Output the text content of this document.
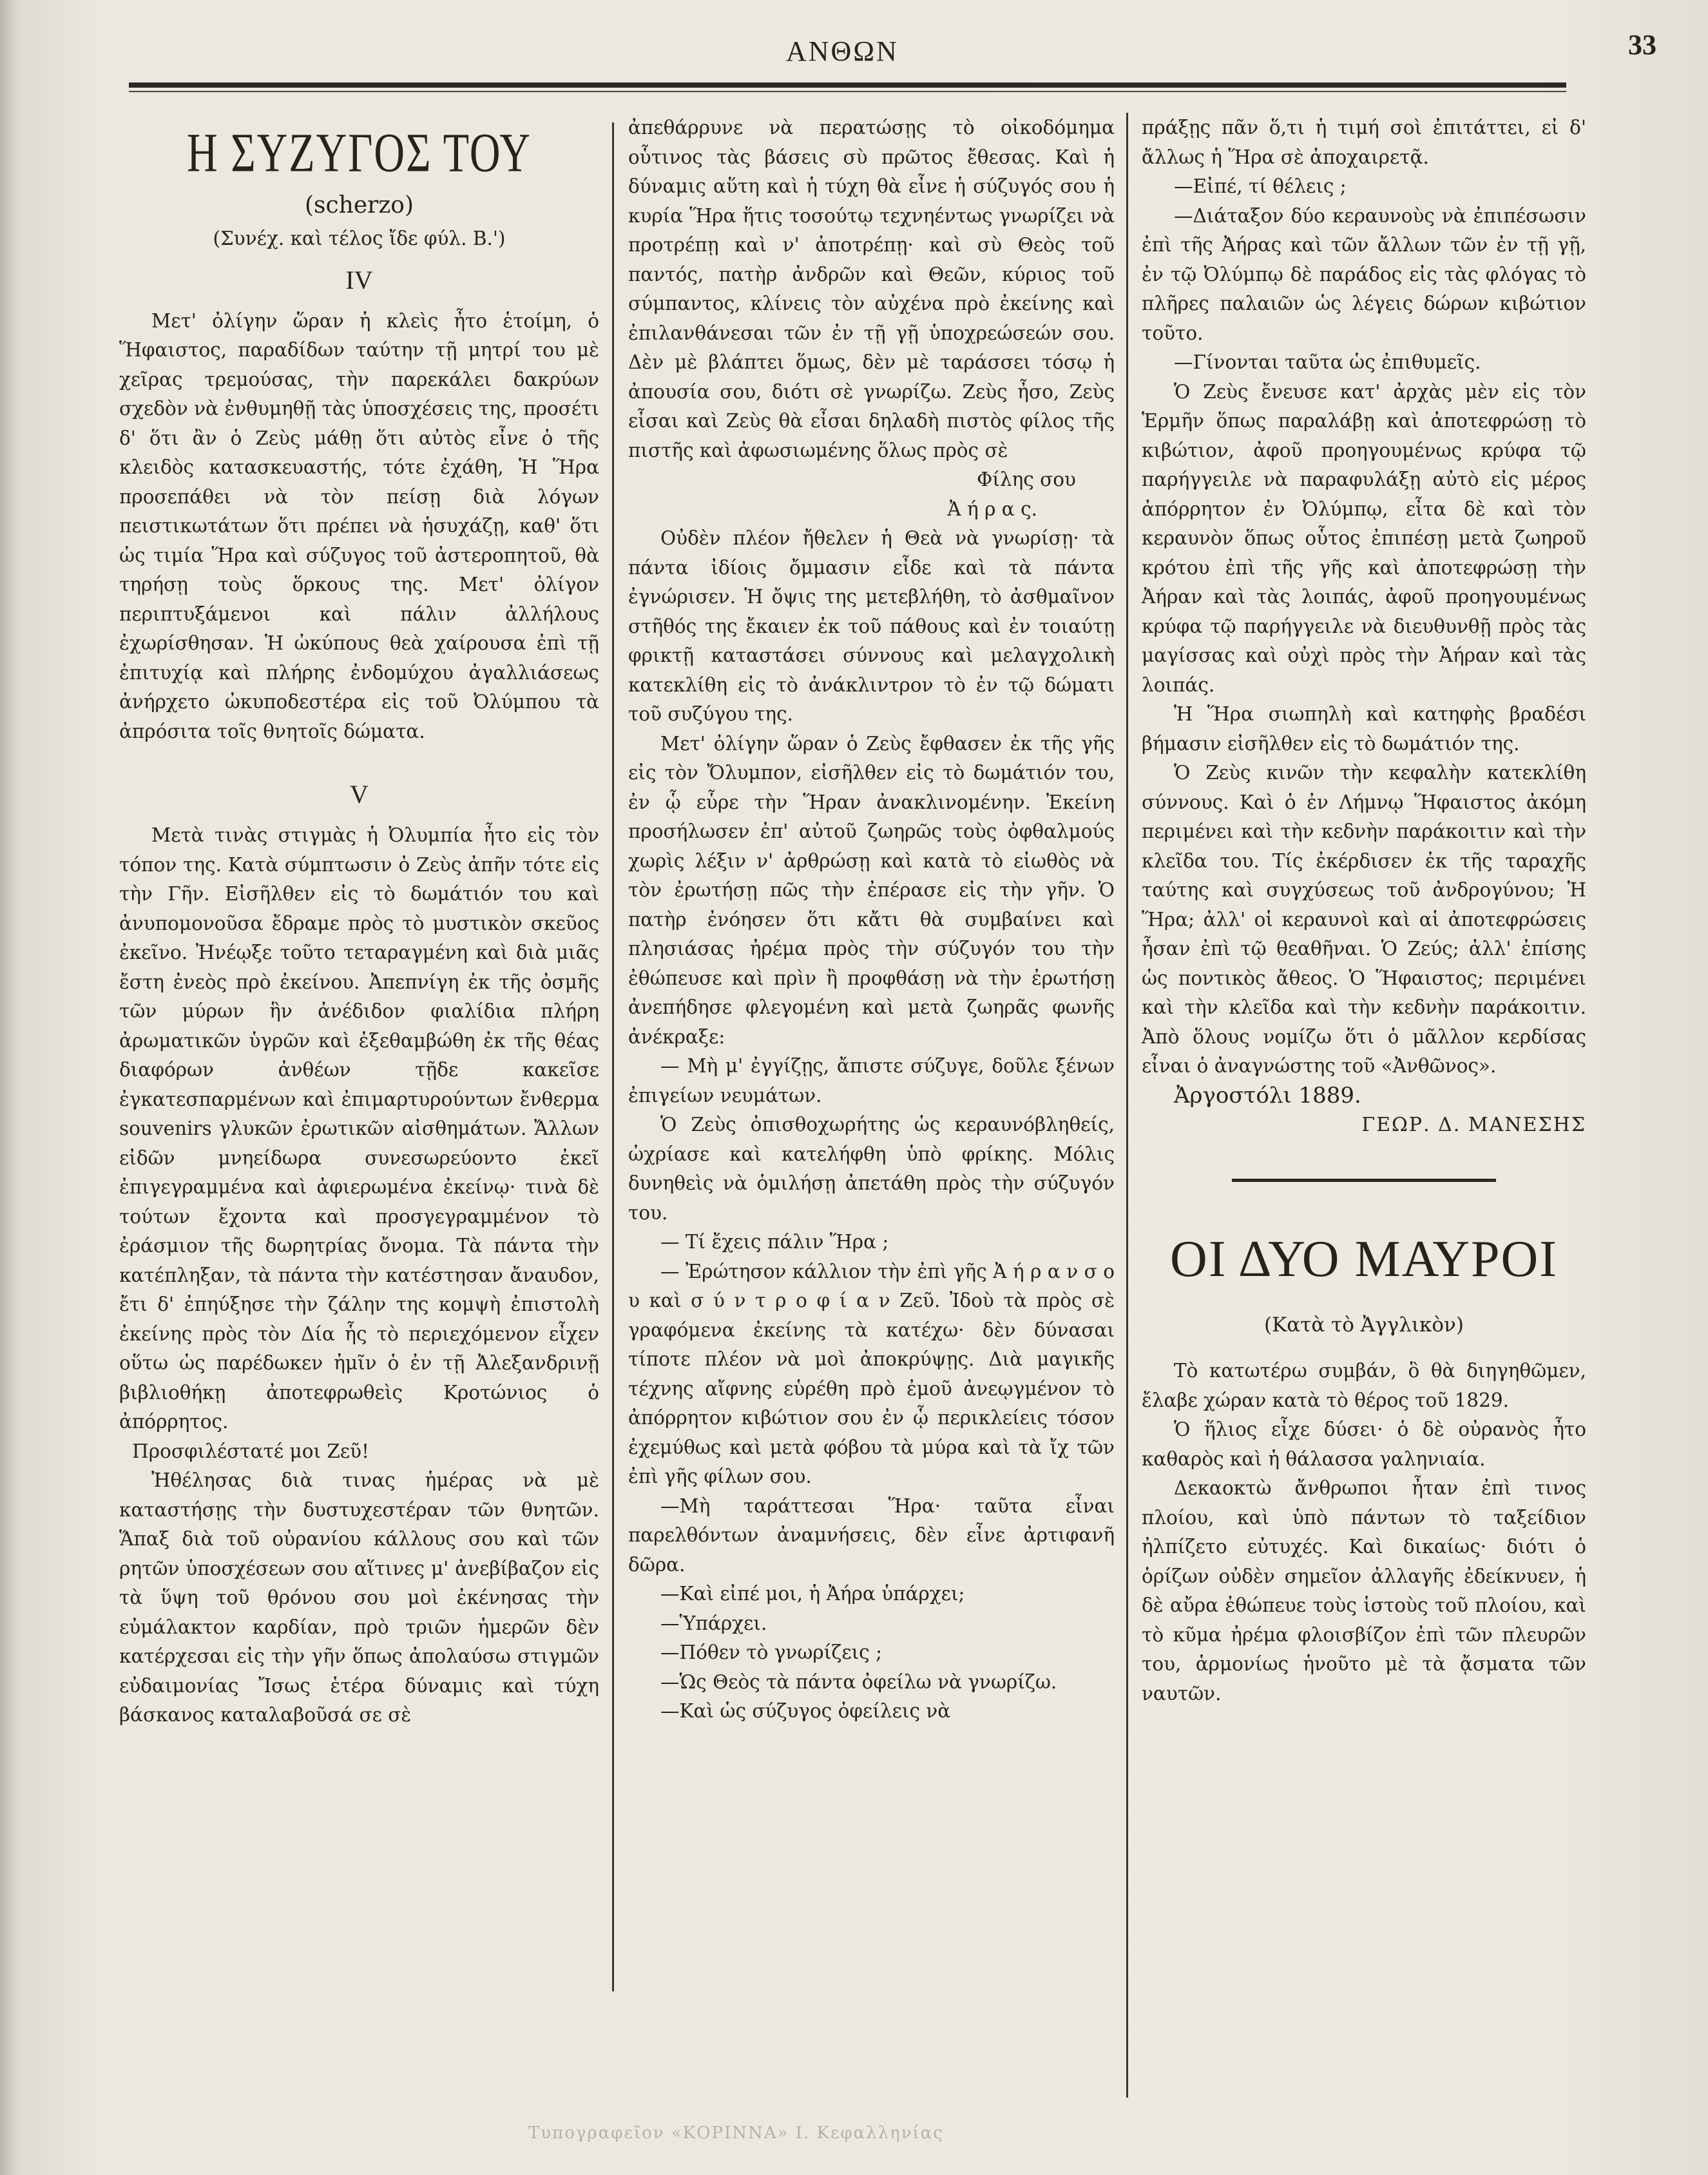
ΑΝΘΩΝ	33
Η ΣΥΖΥΓΟΣ ΤΟΥ

(scherzo)

(Συνέχ. καὶ τέλος ἴδε φύλ. Β.')

IV

Μετ' ὀλίγην ὥραν ἡ κλεὶς ἦτο ἑτοίμη, ὁ Ἥφαιστος, παραδίδων ταύτην τῇ μητρί του μὲ χεῖρας τρεμούσας, τὴν παρεκάλει δακρύων σχεδὸν νὰ ἐνθυμηθῇ τὰς ὑποσχέσεις της, προσέτι δ' ὅτι ἂν ὁ Ζεὺς μάθῃ ὅτι αὐτὸς εἶνε ὁ τῆς κλειδὸς κατασκευαστής, τότε ἐχάθη, Ἡ Ἥρα προσεπάθει νὰ τὸν πείσῃ διὰ λόγων πειστικωτάτων ὅτι πρέπει νὰ ἡσυχάζῃ, καθ' ὅτι ὡς τιμία Ἥρα καὶ σύζυγος τοῦ ἀστεροπητοῦ, θὰ τηρήσῃ τοὺς ὅρκους της. Μετ' ὀλίγον περιπτυξάμενοι καὶ πάλιν ἀλλήλους ἐχωρίσθησαν. Ἡ ὠκύπους θεὰ χαίρουσα ἐπὶ τῇ ἐπιτυχίᾳ καὶ πλήρης ἐνδομύχου ἀγαλλιάσεως ἀνήρχετο ὠκυποδεστέρα εἰς τοῦ Ὀλύμπου τὰ ἀπρόσιτα τοῖς θνητοῖς δώματα.

V

Μετὰ τινὰς στιγμὰς ἡ Ὀλυμπία ἦτο εἰς τὸν τόπον της. Κατὰ σύμπτωσιν ὁ Ζεὺς ἀπῆν τότε εἰς τὴν Γῆν. Εἰσῆλθεν εἰς τὸ δωμάτιόν του καὶ ἀνυπομονοῦσα ἔδραμε πρὸς τὸ μυστικὸν σκεῦος ἐκεῖνο. Ἠνέῳξε τοῦτο τεταραγμένη καὶ διὰ μιᾶς ἔστη ἐνεὸς πρὸ ἐκείνου. Ἀπεπνίγη ἐκ τῆς ὀσμῆς τῶν μύρων ἣν ἀνέδιδον φιαλίδια πλήρη ἀρωματικῶν ὑγρῶν καὶ ἐξεθαμβώθη ἐκ τῆς θέας διαφόρων ἀνθέων τῇδε κακεῖσε ἐγκατεσπαρμένων καὶ ἐπιμαρτυρούντων ἔνθερμα souvenirs γλυκῶν ἐρωτικῶν αἰσθημάτων. Ἄλλων εἰδῶν μνηείδωρα συνεσωρεύοντο ἐκεῖ ἐπιγεγραμμένα καὶ ἀφιερωμένα ἐκείνῳ· τινὰ δὲ τούτων ἔχοντα καὶ προσγεγραμμένον τὸ ἐράσμιον τῆς δωρητρίας ὄνομα. Τὰ πάντα τὴν κατέπληξαν, τὰ πάντα τὴν κατέστησαν ἄναυδον, ἔτι δ' ἐπηύξησε τὴν ζάλην της κομψὴ ἐπιστολὴ ἐκείνης πρὸς τὸν Δία ἧς τὸ περιεχόμενον εἶχεν οὕτω ὡς παρέδωκεν ἡμῖν ὁ ἐν τῇ Ἀλεξανδρινῇ βιβλιοθήκῃ ἀποτεφρωθεὶς Κροτώνιος ὁ ἀπόρρητος.

Προσφιλέστατέ μοι Ζεῦ!

Ἠθέλησας διὰ τινας ἡμέρας νὰ μὲ καταστήσῃς τὴν δυστυχεστέραν τῶν θνητῶν. Ἅπαξ διὰ τοῦ οὐρανίου κάλλους σου καὶ τῶν ρητῶν ὑποσχέσεων σου αἵτινες μ' ἀνεβίβαζον εἰς τὰ ὕψη τοῦ θρόνου σου μοὶ ἐκένησας τὴν εὐμάλακτον καρδίαν, πρὸ τριῶν ἡμερῶν δὲν κατέρχεσαι εἰς τὴν γῆν ὅπως ἀπολαύσω στιγμῶν εὐδαιμονίας Ἴσως ἑτέρα δύναμις καὶ τύχη βάσκανος καταλαβοῦσά σε σὲ

ἀπεθάρρυνε νὰ περατώσῃς τὸ οἰκοδόμημα οὗτινος τὰς βάσεις σὺ πρῶτος ἔθεσας. Καὶ ἡ δύναμις αὕτη καὶ ἡ τύχη θὰ εἶνε ἡ σύζυγός σου ἡ κυρία Ἥρα ἥτις τοσούτῳ τεχνηέντως γνωρίζει νὰ προτρέπῃ καὶ ν' ἀποτρέπῃ· καὶ σὺ Θεὸς τοῦ παντός, πατὴρ ἀνδρῶν καὶ Θεῶν, κύριος τοῦ σύμπαντος, κλίνεις τὸν αὐχένα πρὸ ἐκείνης καὶ ἐπιλανθάνεσαι τῶν ἐν τῇ γῇ ὑποχρεώσεών σου. Δὲν μὲ βλάπτει ὅμως, δὲν μὲ ταράσσει τόσῳ ἡ ἀπουσία σου, διότι σὲ γνωρίζω. Ζεὺς ἦσο, Ζεὺς εἶσαι καὶ Ζεὺς θὰ εἶσαι δηλαδὴ πιστὸς φίλος τῆς πιστῆς καὶ ἀφωσιωμένης ὅλως πρὸς σὲ

Φίλης σου

Ἀ ή ρ α ς.

Οὐδὲν πλέον ἤθελεν ἡ Θεὰ νὰ γνωρίσῃ· τὰ πάντα ἰδίοις ὄμμασιν εἶδε καὶ τὰ πάντα ἐγνώρισεν. Ἡ ὄψις της μετεβλήθη, τὸ ἀσθμαῖνον στῆθός της ἔκαιεν ἐκ τοῦ πάθους καὶ ἐν τοιαύτῃ φρικτῇ καταστάσει σύννους καὶ μελαγχολικὴ κατεκλίθη εἰς τὸ ἀνάκλιντρον τὸ ἐν τῷ δώματι τοῦ συζύγου της.

Μετ' ὀλίγην ὥραν ὁ Ζεὺς ἔφθασεν ἐκ τῆς γῆς εἰς τὸν Ὄλυμπον, εἰσῆλθεν εἰς τὸ δωμάτιόν του, ἐν ᾧ εὗρε τὴν Ἥραν ἀνακλινομένην. Ἐκείνη προσήλωσεν ἐπ' αὐτοῦ ζωηρῶς τοὺς ὀφθαλμούς χωρὶς λέξιν ν' ἀρθρώσῃ καὶ κατὰ τὸ εἰωθὸς νὰ τὸν ἐρωτήσῃ πῶς τὴν ἐπέρασε εἰς τὴν γῆν. Ὁ πατὴρ ἐνόησεν ὅτι κἄτι θὰ συμβαίνει καὶ πλησιάσας ἠρέμα πρὸς τὴν σύζυγόν του τὴν ἐθώπευσε καὶ πρὶν ἢ προφθάσῃ νὰ τὴν ἐρωτήσῃ ἀνεπήδησε φλεγομένη καὶ μετὰ ζωηρᾶς φωνῆς ἀνέκραξε:

— Μὴ μ' ἐγγίζῃς, ἄπιστε σύζυγε, δοῦλε ξένων ἐπιγείων νευμάτων.

Ὁ Ζεὺς ὀπισθοχωρήτης ὡς κεραυνόβληθείς, ὠχρίασε καὶ κατελήφθη ὑπὸ φρίκης. Μόλις δυνηθεὶς νὰ ὁμιλήσῃ ἀπετάθη πρὸς τὴν σύζυγόν του.

— Τί ἔχεις πάλιν Ἥρα ;

— Ἐρώτησον κάλλιον τὴν ἐπὶ γῆς Ἀ ή ρ α ν σ ο υ καὶ σ ύ ν τ ρ ο φ ί α ν Ζεῦ. Ἰδοὺ τὰ πρὸς σὲ γραφόμενα ἐκείνης τὰ κατέχω· δὲν δύνασαι τίποτε πλέον νὰ μοὶ ἀποκρύψῃς. Διὰ μαγικῆς τέχνης αἴφνης εὑρέθη πρὸ ἐμοῦ ἀνεῳγμένον τὸ ἀπόρρητον κιβώτιον σου ἐν ᾧ περικλείεις τόσον ἐχεμύθως καὶ μετὰ φόβου τὰ μύρα καὶ τὰ ἴχ τῶν ἐπὶ γῆς φίλων σου.

—Μὴ ταράττεσαι Ἥρα· ταῦτα εἶναι παρελθόντων ἀναμνήσεις, δὲν εἶνε ἀρτιφανῆ δῶρα.

—Καὶ εἰπέ μοι, ἡ Ἀήρα ὑπάρχει;

—Ὑπάρχει.

—Πόθεν τὸ γνωρίζεις ;

—Ὡς Θεὸς τὰ πάντα ὀφείλω νὰ γνωρίζω.

—Καὶ ὡς σύζυγος ὀφείλεις νὰ

πράξῃς πᾶν ὅ,τι ἡ τιμή σοὶ ἐπιτάττει, εἰ δ' ἄλλως ἡ Ἥρα σὲ ἀποχαιρετᾷ.

—Εἰπέ, τί θέλεις ;

—Διάταξον δύο κεραυνοὺς νὰ ἐπιπέσωσιν ἐπὶ τῆς Ἀήρας καὶ τῶν ἄλλων τῶν ἐν τῇ γῇ, ἐν τῷ Ὀλύμπῳ δὲ παράδος εἰς τὰς φλόγας τὸ πλῆρες παλαιῶν ὡς λέγεις δώρων κιβώτιον τοῦτο.

—Γίνονται ταῦτα ὡς ἐπιθυμεῖς.

Ὁ Ζεὺς ἔνευσε κατ' ἀρχὰς μὲν εἰς τὸν Ἑρμῆν ὅπως παραλάβῃ καὶ ἀποτεφρώσῃ τὸ κιβώτιον, ἀφοῦ προηγουμένως κρύφα τῷ παρήγγειλε νὰ παραφυλάξῃ αὐτὸ εἰς μέρος ἀπόρρητον ἐν Ὀλύμπῳ, εἶτα δὲ καὶ τὸν κεραυνὸν ὅπως οὗτος ἐπιπέσῃ μετὰ ζωηροῦ κρότου ἐπὶ τῆς γῆς καὶ ἀποτεφρώσῃ τὴν Ἀήραν καὶ τὰς λοιπάς, ἀφοῦ προηγουμένως κρύφα τῷ παρήγγειλε νὰ διευθυνθῇ πρὸς τὰς μαγίσσας καὶ οὐχὶ πρὸς τὴν Ἀήραν καὶ τὰς λοιπάς.

Ἡ Ἥρα σιωπηλὴ καὶ κατηφὴς βραδέσι βήμασιν εἰσῆλθεν εἰς τὸ δωμάτιόν της.

Ὁ Ζεὺς κινῶν τὴν κεφαλὴν κατεκλίθη σύννους. Καὶ ὁ ἐν Λήμνῳ Ἥφαιστος ἀκόμη περιμένει καὶ τὴν κεδνὴν παράκοιτιν καὶ τὴν κλεῖδα του. Τίς ἐκέρδισεν ἐκ τῆς ταραχῆς ταύτης καὶ συγχύσεως τοῦ ἀνδρογύνου; Ἡ Ἥρα; ἀλλ' οἱ κεραυνοὶ καὶ αἱ ἀποτεφρώσεις ἦσαν ἐπὶ τῷ θεαθῆναι. Ὁ Ζεύς; ἀλλ' ἐπίσης ὡς ποντικὸς ἄθεος. Ὁ Ἥφαιστος; περιμένει καὶ τὴν κλεῖδα καὶ τὴν κεδνὴν παράκοιτιν. Ἀπὸ ὅλους νομίζω ὅτι ὁ μᾶλλον κερδίσας εἶναι ὁ ἀναγνώστης τοῦ «Ἀνθῶνος».

Ἀργοστόλι 1889.

ΓΕΩΡ. Δ. ΜΑΝΕΣΗΣ

ΟΙ ΔΥΟ ΜΑΥΡΟΙ

(Κατὰ τὸ Ἀγγλικὸν)

Τὸ κατωτέρω συμβάν, ὃ θὰ διηγηθῶμεν, ἔλαβε χώραν κατὰ τὸ θέρος τοῦ 1829.

Ὁ ἥλιος εἶχε δύσει· ὁ δὲ οὐρανὸς ἦτο καθαρὸς καὶ ἡ θάλασσα γαληνιαία.

Δεκαοκτὼ ἄνθρωποι ἦταν ἐπὶ τινος πλοίου, καὶ ὑπὸ πάντων τὸ ταξείδιον ἠλπίζετο εὐτυχές. Καὶ δικαίως· διότι ὁ ὁρίζων οὐδὲν σημεῖον ἀλλαγῆς ἐδείκνυεν, ἡ δὲ αὔρα ἐθώπευε τοὺς ἱστοὺς τοῦ πλοίου, καὶ τὸ κῦμα ἠρέμα φλοισβίζον ἐπὶ τῶν πλευρῶν του, ἁρμονίως ἡνοῦτο μὲ τὰ ᾄσματα τῶν ναυτῶν.

Τυπογραφεῖον «ΚΟΡΙΝΝΑ» Ι. Κεφαλληνίας
